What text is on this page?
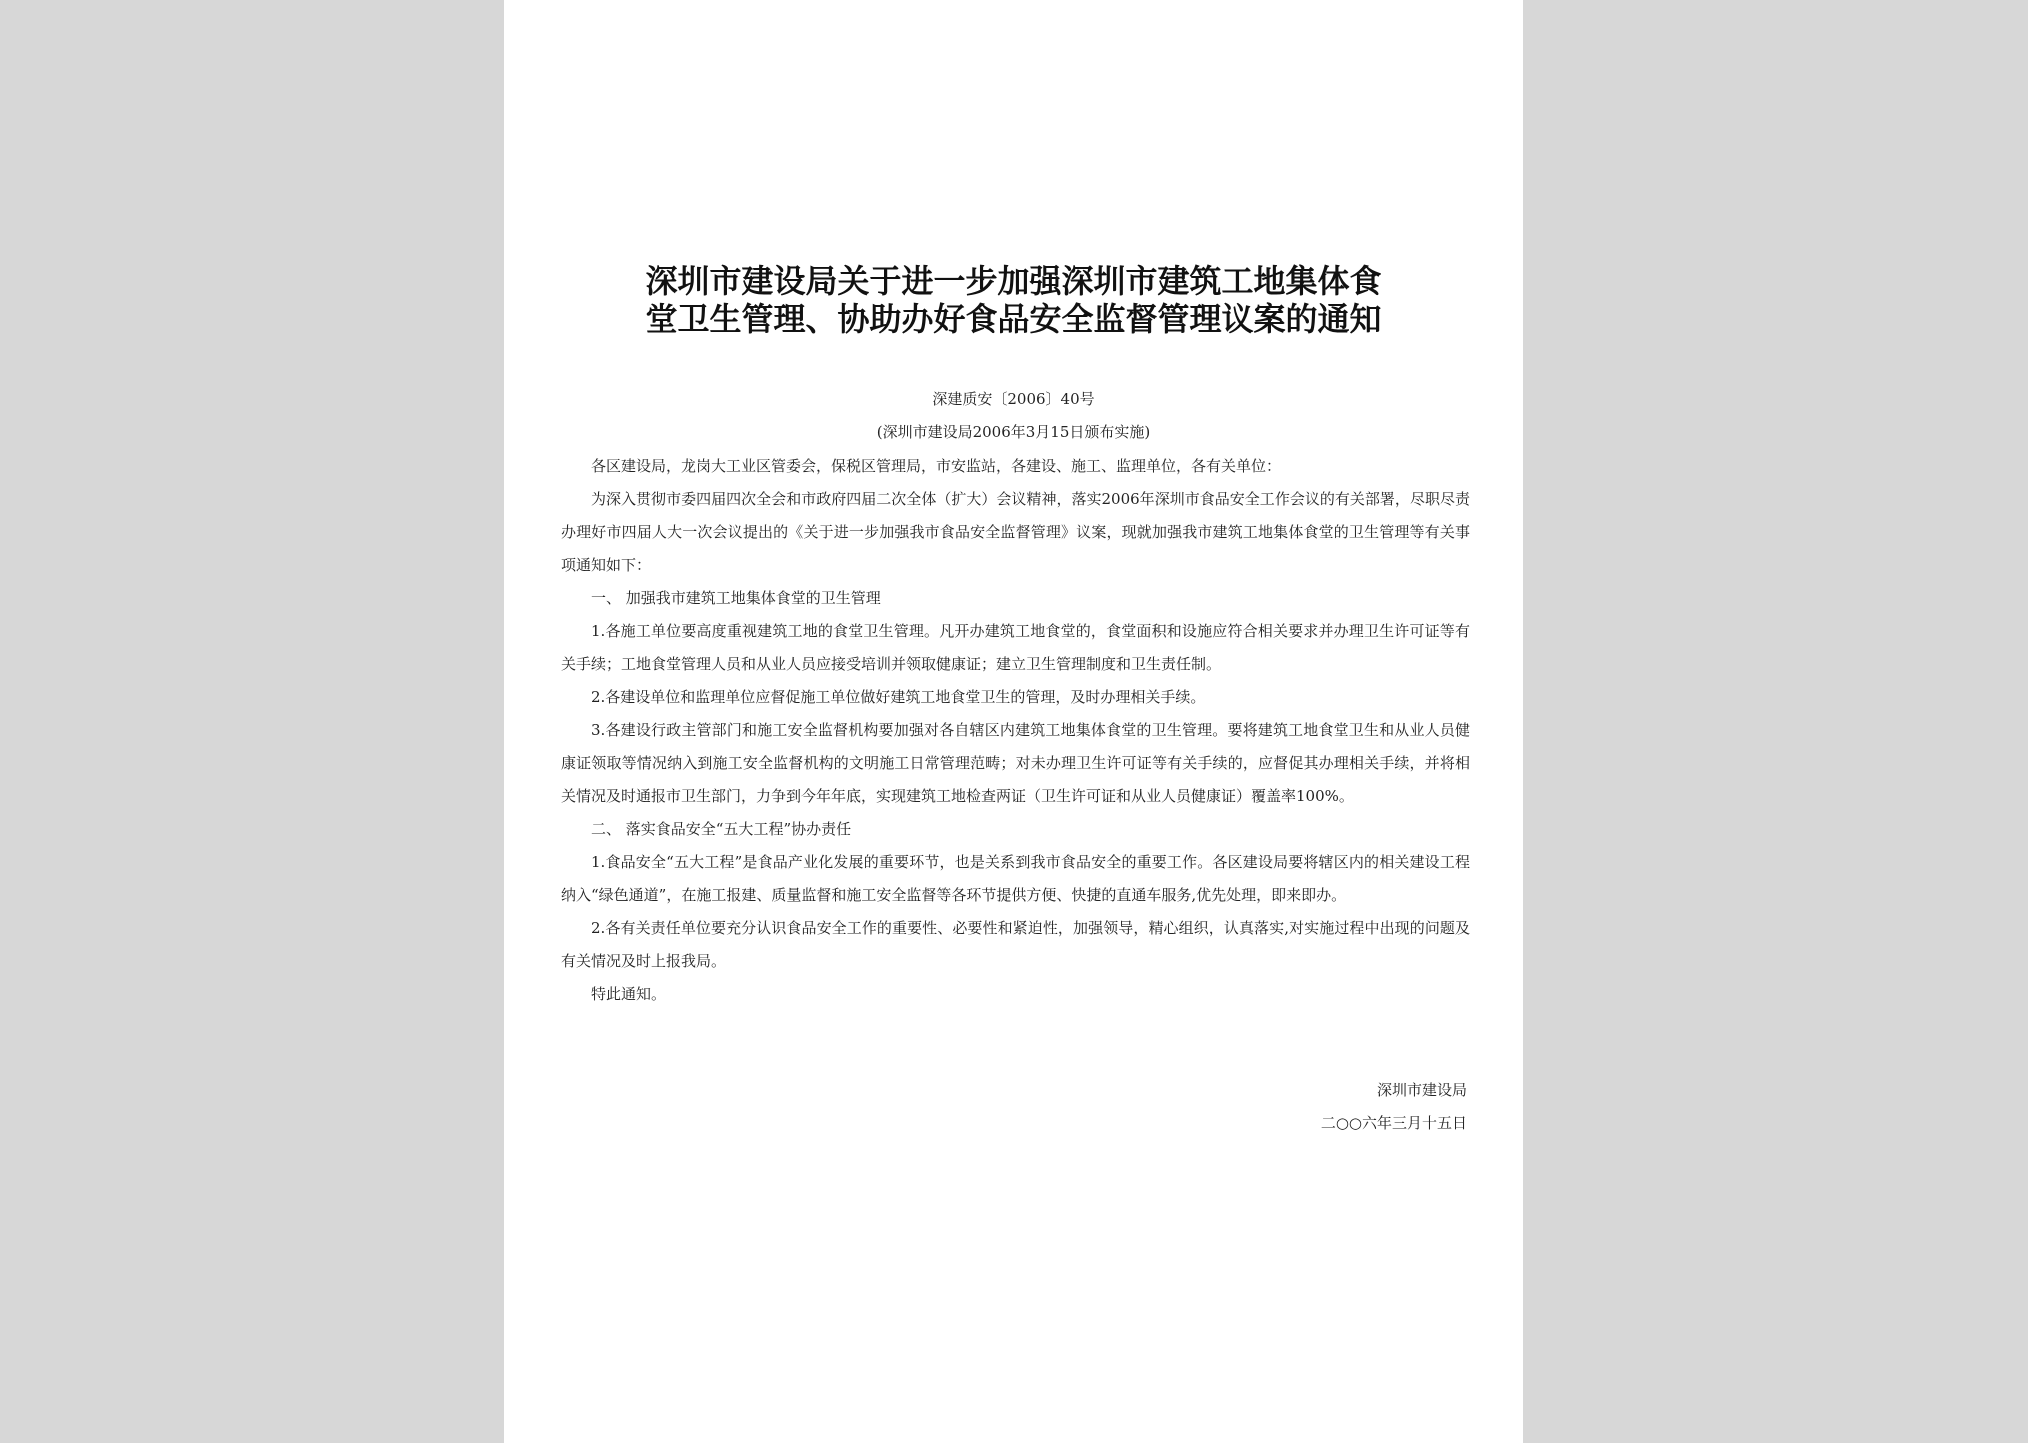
深圳市建设局关于进一步加强深圳市建筑工地集体食
堂卫生管理、协助办好食品安全监督管理议案的通知
深建质安〔2006〕40号
(深圳市建设局2006年3月15日颁布实施)

各区建设局，龙岗大工业区管委会，保税区管理局，市安监站，各建设、施工、监理单位，各有关单位：

为深入贯彻市委四届四次全会和市政府四届二次全体（扩大）会议精神，落实2006年深圳市食品安全工作会议的有关部署，尽职尽责办理好市四届人大一次会议提出的《关于进一步加强我市食品安全监督管理》议案，现就加强我市建筑工地集体食堂的卫生管理等有关事项通知如下：

一、 加强我市建筑工地集体食堂的卫生管理

1.各施工单位要高度重视建筑工地的食堂卫生管理。凡开办建筑工地食堂的，食堂面积和设施应符合相关要求并办理卫生许可证等有关手续；工地食堂管理人员和从业人员应接受培训并领取健康证；建立卫生管理制度和卫生责任制。

2.各建设单位和监理单位应督促施工单位做好建筑工地食堂卫生的管理，及时办理相关手续。

3.各建设行政主管部门和施工安全监督机构要加强对各自辖区内建筑工地集体食堂的卫生管理。要将建筑工地食堂卫生和从业人员健康证领取等情况纳入到施工安全监督机构的文明施工日常管理范畴；对未办理卫生许可证等有关手续的，应督促其办理相关手续，并将相关情况及时通报市卫生部门，力争到今年年底，实现建筑工地检查两证（卫生许可证和从业人员健康证）覆盖率100%。

二、 落实食品安全“五大工程”协办责任

1.食品安全“五大工程”是食品产业化发展的重要环节，也是关系到我市食品安全的重要工作。各区建设局要将辖区内的相关建设工程纳入“绿色通道”，在施工报建、质量监督和施工安全监督等各环节提供方便、快捷的直通车服务,优先处理，即来即办。

2.各有关责任单位要充分认识食品安全工作的重要性、必要性和紧迫性，加强领导，精心组织，认真落实,对实施过程中出现的问题及有关情况及时上报我局。

特此通知。

深圳市建设局
二○○六年三月十五日
